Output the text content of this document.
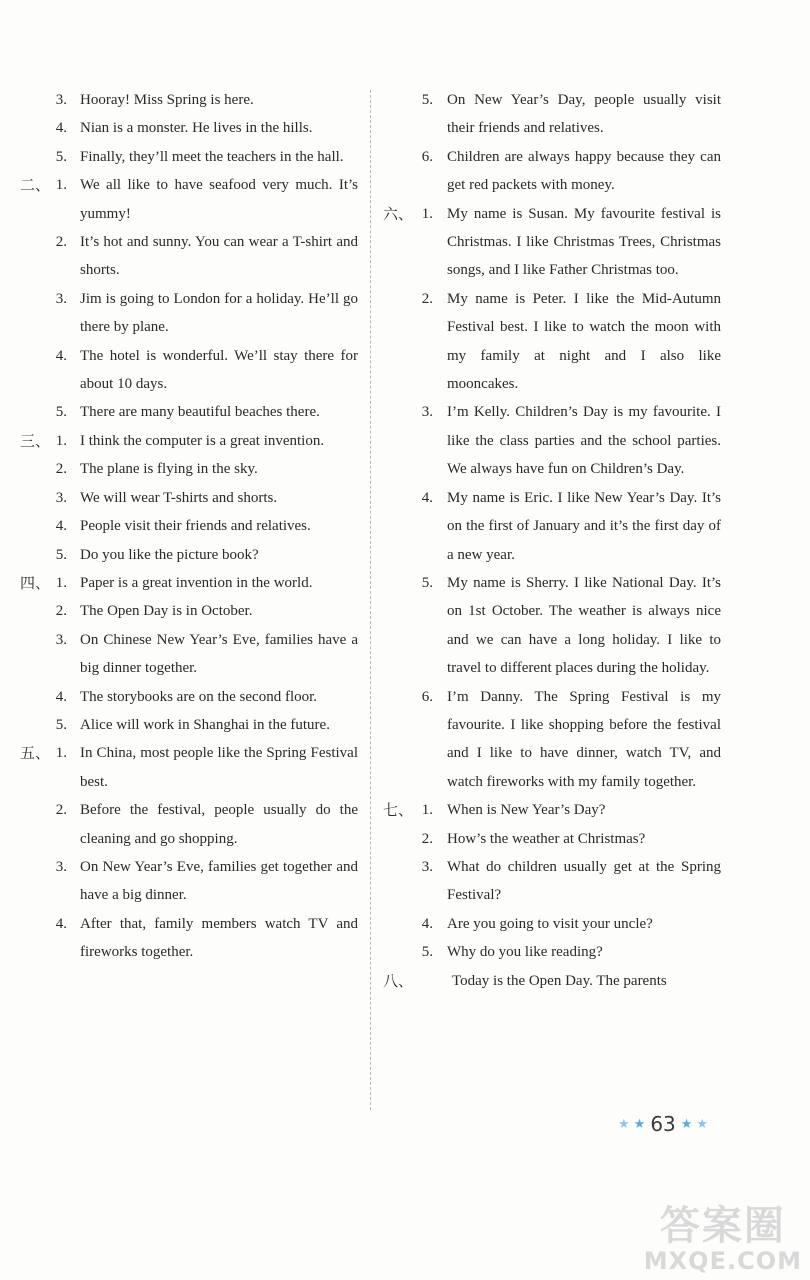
3. Hooray! Miss Spring is here.
4. Nian is a monster. He lives in the hills.
5. Finally, they’ll meet the teachers in the hall.
二、 1. We all like to have seafood very much. It’s yummy!
2. It’s hot and sunny. You can wear a T-shirt and shorts.
3. Jim is going to London for a holiday. He’ll go there by plane.
4. The hotel is wonderful. We’ll stay there for about 10 days.
5. There are many beautiful beaches there.
三、 1. I think the computer is a great invention.
2. The plane is flying in the sky.
3. We will wear T-shirts and shorts.
4. People visit their friends and relatives.
5. Do you like the picture book?
四、 1. Paper is a great invention in the world.
2. The Open Day is in October.
3. On Chinese New Year’s Eve, families have a big dinner together.
4. The storybooks are on the second floor.
5. Alice will work in Shanghai in the future.
五、 1. In China, most people like the Spring Festival best.
2. Before the festival, people usually do the cleaning and go shopping.
3. On New Year’s Eve, families get together and have a big dinner.
4. After that, family members watch TV and fireworks together.
5. On New Year’s Day, people usually visit their friends and relatives.
6. Children are always happy because they can get red packets with money.
六、 1. My name is Susan. My favourite festival is Christmas. I like Christmas Trees, Christmas songs, and I like Father Christmas too.
2. My name is Peter. I like the Mid-Autumn Festival best. I like to watch the moon with my family at night and I also like mooncakes.
3. I’m Kelly. Children’s Day is my favourite. I like the class parties and the school parties. We always have fun on Children’s Day.
4. My name is Eric. I like New Year’s Day. It’s on the first of January and it’s the first day of a new year.
5. My name is Sherry. I like National Day. It’s on 1st October. The weather is always nice and we can have a long holiday. I like to travel to different places during the holiday.
6. I’m Danny. The Spring Festival is my favourite. I like shopping before the festival and I like to have dinner, watch TV, and watch fireworks with my family together.
七、 1. When is New Year’s Day?
2. How’s the weather at Christmas?
3. What do children usually get at the Spring Festival?
4. Are you going to visit your uncle?
5. Why do you like reading?
八、	Today is the Open Day. The parents
★ ★ 63 ★ ★
答案圈
MXQE.COM
